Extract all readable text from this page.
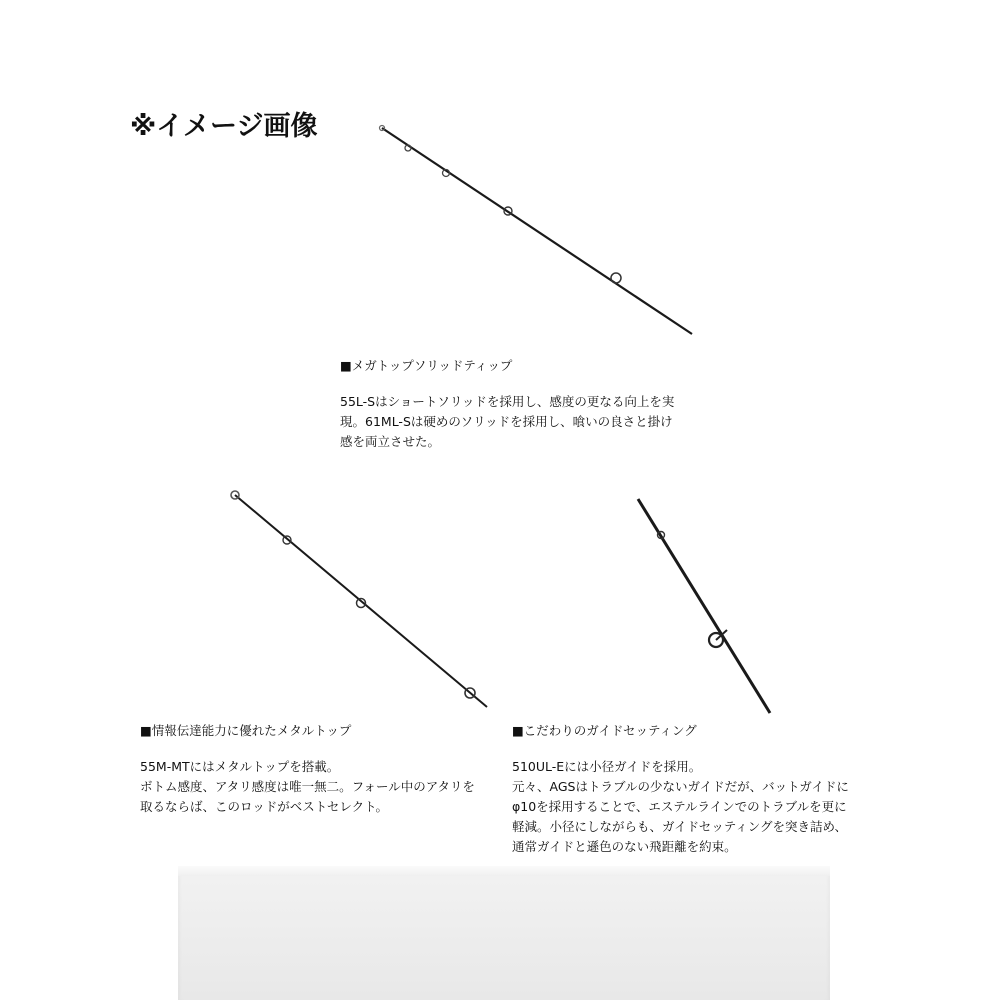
※イメージ画像
■メガトップソリッドティップ

55L-Sはショートソリッドを採用し、感度の更なる向上を実

現。61ML-Sは硬めのソリッドを採用し、喰いの良さと掛け

感を両立させた。

■情報伝達能力に優れたメタルトップ

55M-MTにはメタルトップを搭載。

ボトム感度、アタリ感度は唯一無二。フォール中のアタリを

取るならば、このロッドがベストセレクト。

■こだわりのガイドセッティング

510UL-Eには小径ガイドを採用。

元々、AGSはトラブルの少ないガイドだが、バットガイドに

φ10を採用することで、エステルラインでのトラブルを更に

軽減。小径にしながらも、ガイドセッティングを突き詰め、

通常ガイドと遜色のない飛距離を約束。
